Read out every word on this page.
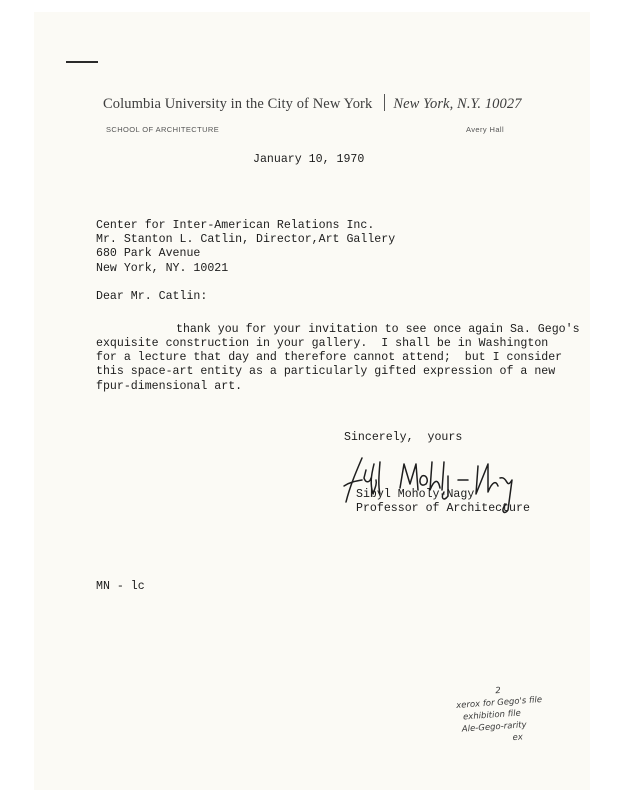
Columbia University in the City of New York New York, N.Y. 10027
SCHOOL OF ARCHITECTURE	Avery Hall
January 10, 1970
Center for Inter-American Relations Inc.
Mr. Stanton L. Catlin, Director,Art Gallery
680 Park Avenue
New York, NY. 10021
Dear Mr. Catlin:
thank you for your invitation to see once again Sa. Gego's
exquisite construction in your gallery.  I shall be in Washington
for a lecture that day and therefore cannot attend;  but I consider
this space-art entity as a particularly gifted expression of a new
fpur-dimensional art.
Sincerely,  yours
Sibyl Moholy-Nagy
Professor of Architecture
MN - lc
2
xerox for Gego's file
exhibition file
Ale-Gego-rarity
ex
